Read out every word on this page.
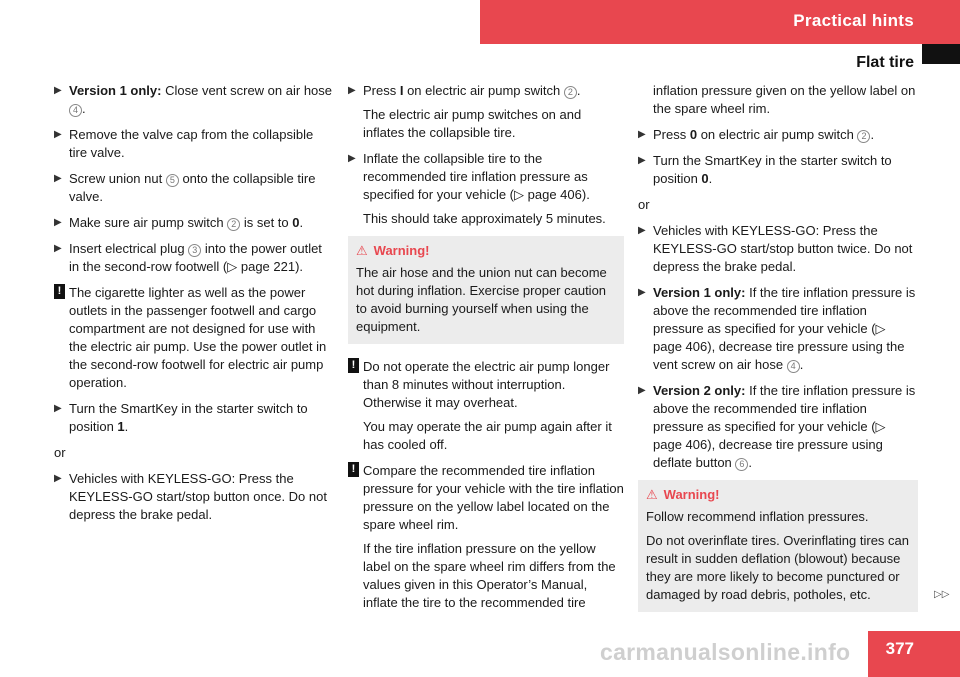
Practical hints
Flat tire
▶ Version 1 only: Close vent screw on air hose 4 .
▶ Remove the valve cap from the collapsible tire valve.
▶ Screw union nut 5 onto the collapsible tire valve.
▶ Make sure air pump switch 2 is set to 0.
▶ Insert electrical plug 3 into the power outlet in the second-row footwell (▷ page 221).
! The cigarette lighter as well as the power outlets in the passenger footwell and cargo compartment are not designed for use with the electric air pump. Use the power outlet in the second-row footwell for electric air pump operation.
▶ Turn the SmartKey in the starter switch to position 1.
or
▶ Vehicles with KEYLESS-GO: Press the KEYLESS-GO start/stop button once. Do not depress the brake pedal.
▶ Press I on electric air pump switch 2 .

The electric air pump switches on and inflates the collapsible tire.

▶ Inflate the collapsible tire to the recommended tire inflation pressure as specified for your vehicle (▷ page 406).

This should take approximately 5 minutes.

⚠ Warning!

The air hose and the union nut can become hot during inflation. Exercise proper caution to avoid burning yourself when using the equipment.

! Do not operate the electric air pump longer than 8 minutes without interruption. Otherwise it may overheat.

You may operate the air pump again after it has cooled off.

! Compare the recommended tire inflation pressure for your vehicle with the tire inflation pressure on the yellow label located on the spare wheel rim.

If the tire inflation pressure on the yellow label on the spare wheel rim differs from the values given in this Operator’s Manual, inflate the tire to the recommended tire

inflation pressure given on the yellow label on the spare wheel rim.
▶ Press 0 on electric air pump switch 2 .
▶ Turn the SmartKey in the starter switch to position 0.
or
▶ Vehicles with KEYLESS-GO: Press the KEYLESS-GO start/stop button twice. Do not depress the brake pedal.
▶ Version 1 only: If the tire inflation pressure is above the recommended tire inflation pressure as specified for your vehicle (▷ page 406), decrease tire pressure using the vent screw on air hose 4 .
▶ Version 2 only: If the tire inflation pressure is above the recommended tire inflation pressure as specified for your vehicle (▷ page 406), decrease tire pressure using deflate button 6 .
⚠ Warning!

Follow recommend inflation pressures.

Do not overinflate tires. Overinflating tires can result in sudden deflation (blowout) because they are more likely to become punctured or damaged by road debris, potholes, etc.	▷▷
carmanualsonline.info 377
